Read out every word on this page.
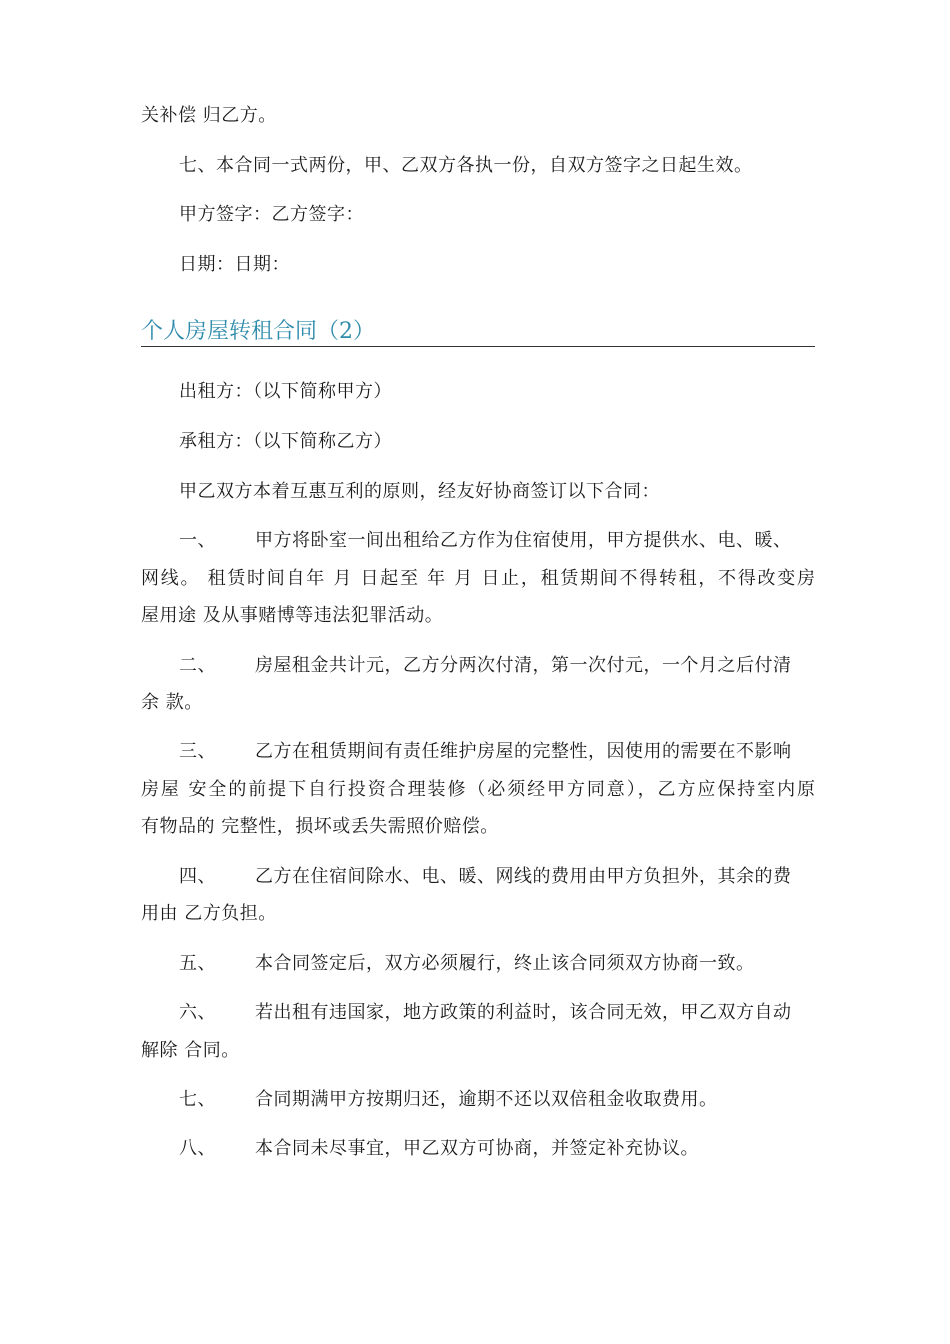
关补偿 归乙方。
七、本合同一式两份，甲、乙双方各执一份，自双方签字之日起生效。
甲方签字：乙方签字：
日期：日期：
个人房屋转租合同（2）
出租方：（以下简称甲方）
承租方：（以下简称乙方）
甲乙双方本着互惠互利的原则，经友好协商签订以下合同：
一、 甲方将卧室一间出租给乙方作为住宿使用，甲方提供水、电、暖、
网线。 租赁时间自年 月 日起至 年 月 日止，租赁期间不得转租，不得改变房
屋用途 及从事赌博等违法犯罪活动。
二、 房屋租金共计元，乙方分两次付清，第一次付元，一个月之后付清
余 款。
三、 乙方在租赁期间有责任维护房屋的完整性，因使用的需要在不影响
房屋 安全的前提下自行投资合理装修（必须经甲方同意），乙方应保持室内原
有物品的 完整性，损坏或丢失需照价赔偿。
四、 乙方在住宿间除水、电、暖、网线的费用由甲方负担外，其余的费
用由 乙方负担。
五、 本合同签定后，双方必须履行，终止该合同须双方协商一致。
六、 若出租有违国家，地方政策的利益时，该合同无效，甲乙双方自动
解除 合同。
七、 合同期满甲方按期归还，逾期不还以双倍租金收取费用。
八、 本合同未尽事宜，甲乙双方可协商，并签定补充协议。
